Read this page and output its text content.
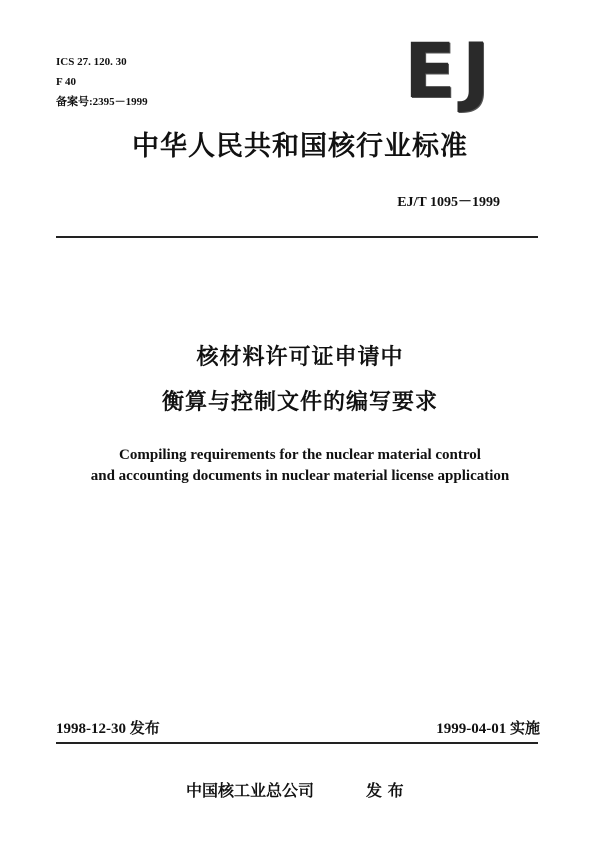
ICS 27. 120. 30
F 40
备案号:2395－1999	EJ
中华人民共和国核行业标准
EJ/T 1095－1999
核材料许可证申请中
衡算与控制文件的编写要求
Compiling requirements for the nuclear material control
and accounting documents in nuclear material license application
1998-12-30 发布	1999-04-01 实施
中国核工业总公司	发 布
